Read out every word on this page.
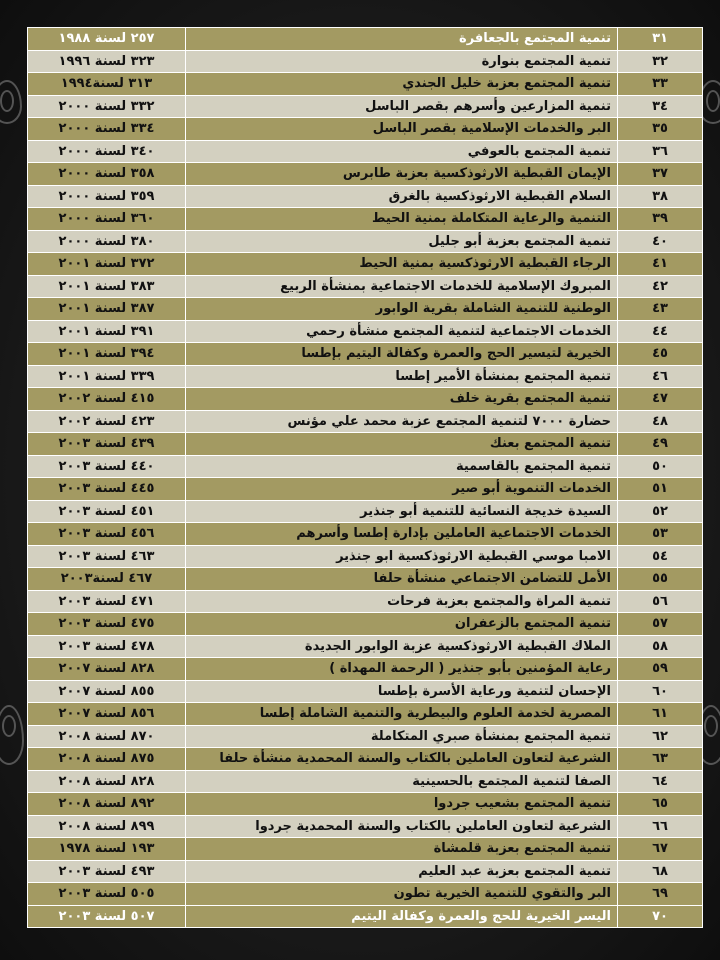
٢٥٧ لسنة ١٩٨٨	تنمية المجتمع بالجعافرة	٣١
٣٢٣ لسنة ١٩٩٦	تنمية المجتمع بنوارة	٣٢
٣١٣ لسنة١٩٩٤	تنمية المجتمع بعزبة خليل الجندي	٣٣
٣٣٢ لسنة ٢٠٠٠	تنمية المزارعين وأسرهم بقصر الباسل	٣٤
٣٣٤ لسنة ٢٠٠٠	البر والخدمات الإسلامية بقصر الباسل	٣٥
٣٤٠ لسنة ٢٠٠٠	تنمية المجتمع بالعوفي	٣٦
٣٥٨ لسنة ٢٠٠٠	الإيمان القبطية الارثوذكسية بعزبة طابرس	٣٧
٣٥٩ لسنة ٢٠٠٠	السلام القبطية الارثوذكسية بالغرق	٣٨
٣٦٠ لسنة ٢٠٠٠	التنمية والرعاية المتكاملة بمنية الحيط	٣٩
٣٨٠ لسنة ٢٠٠٠	تنمية المجتمع بعزبة أبو جليل	٤٠
٣٧٢ لسنة ٢٠٠١	الرجاء القبطية الارثوذكسية بمنية الحيط	٤١
٣٨٣ لسنة ٢٠٠١	المبروك الإسلامية للخدمات الاجتماعية بمنشأة الربيع	٤٢
٣٨٧ لسنة ٢٠٠١	الوطنية للتنمية الشاملة بقرية الوابور	٤٣
٣٩١ لسنة ٢٠٠١	الخدمات الاجتماعية لتنمية المجتمع منشأة رحمي	٤٤
٣٩٤ لسنة ٢٠٠١	الخيرية لتيسير الحج والعمرة وكفالة اليتيم بإطسا	٤٥
٣٣٩ لسنة ٢٠٠١	تنمية المجتمع بمنشأة الأمير إطسا	٤٦
٤١٥ لسنة ٢٠٠٢	تنمية المجتمع بقرية خلف	٤٧
٤٢٣ لسنة ٢٠٠٢	حضارة ٧٠٠٠ لتنمية المجتمع عزبة محمد علي مؤنس	٤٨
٤٣٩ لسنة ٢٠٠٣	تنمية المجتمع بعنك	٤٩
٤٤٠ لسنة ٢٠٠٣	تنمية المجتمع بالقاسمية	٥٠
٤٤٥ لسنة ٢٠٠٣	الخدمات التنموية أبو صير	٥١
٤٥١ لسنة ٢٠٠٣	السيدة خديجة النسائية للتنمية أبو جنذير	٥٢
٤٥٦ لسنة ٢٠٠٣	الخدمات الاجتماعية العاملين بإدارة إطسا وأسرهم	٥٣
٤٦٣ لسنة ٢٠٠٣	الامبا موسي القبطية الارثوذكسية ابو جنذير	٥٤
٤٦٧ لسنة٢٠٠٣	الأمل للتضامن الاجتماعي منشأة حلفا	٥٥
٤٧١ لسنة ٢٠٠٣	تنمية المراة والمجتمع بعزبة فرحات	٥٦
٤٧٥ لسنة ٢٠٠٣	تنمية المجتمع بالزعفران	٥٧
٤٧٨ لسنة ٢٠٠٣	الملاك القبطية الارثوذكسية عزبة الوابور الجديدة	٥٨
٨٢٨ لسنة ٢٠٠٧	رعاية المؤمنين بأبو جنذير ( الرحمة المهداة )	٥٩
٨٥٥ لسنة ٢٠٠٧	الإحسان لتنمية ورعاية الأسرة بإطسا	٦٠
٨٥٦ لسنة ٢٠٠٧	المصرية لخدمة العلوم والبيطرية والتنمية الشاملة إطسا	٦١
٨٧٠ لسنة ٢٠٠٨	تنمية المجتمع بمنشأة صبري المتكاملة	٦٢
٨٧٥ لسنة ٢٠٠٨	الشرعية لتعاون العاملين بالكتاب والسنة المحمدية منشأة حلفا	٦٣
٨٢٨ لسنة ٢٠٠٨	الصفا لتنمية المجتمع بالحسينية	٦٤
٨٩٢ لسنة ٢٠٠٨	تنمية المجتمع بشعيب جردوا	٦٥
٨٩٩ لسنة ٢٠٠٨	الشرعية لتعاون العاملين بالكتاب والسنة المحمدية جردوا	٦٦
١٩٣ لسنة ١٩٧٨	تنمية المجتمع بعزبة قلمشاة	٦٧
٤٩٣ لسنة ٢٠٠٣	تنمية المجتمع بعزبة عبد العليم	٦٨
٥٠٥ لسنة ٢٠٠٣	البر والتقوي للتنمية الخيرية تطون	٦٩
٥٠٧ لسنة ٢٠٠٣	اليسر الخيرية للحج والعمرة وكفالة اليتيم	٧٠
